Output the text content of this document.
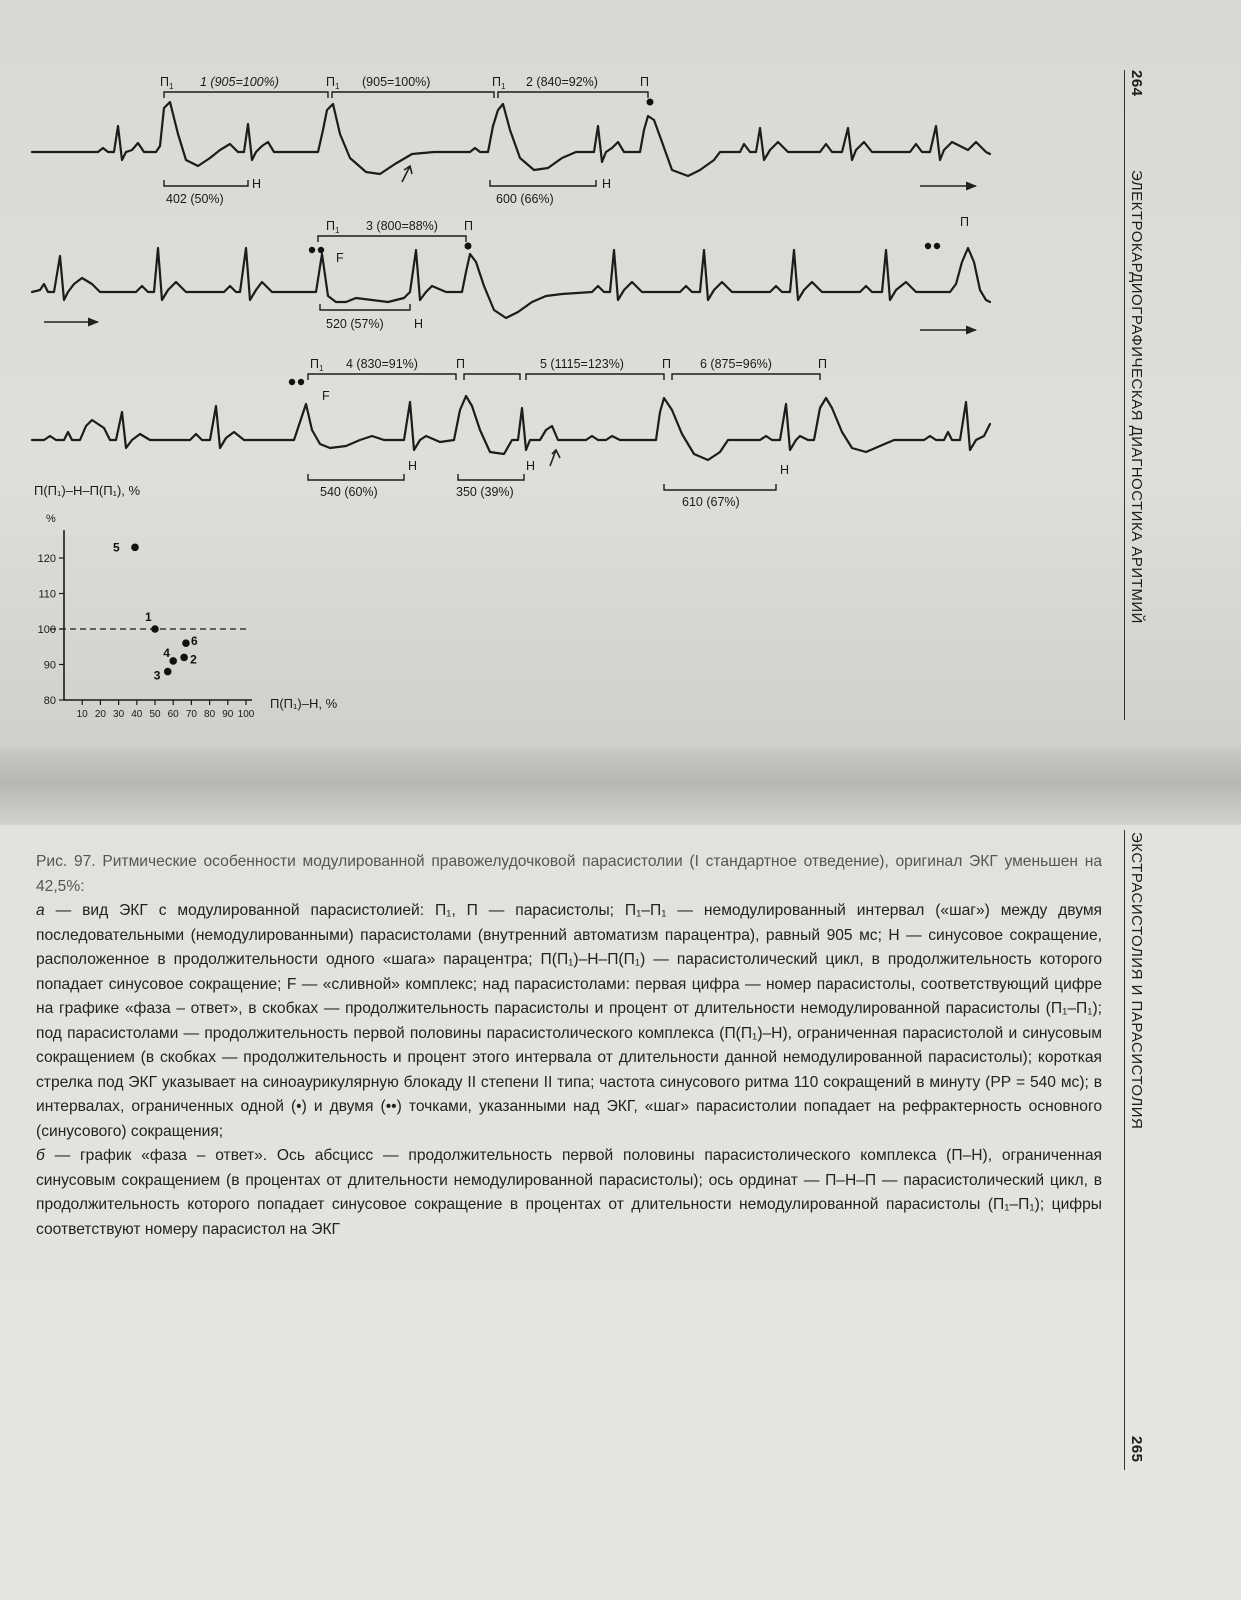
$П_1$ 1 (905=100%)	$П_1$ (905=100%)	$П_1$ 2 (840=92%)	П
402 (50%)
Н
600 (66%)
Н
$П_1$ 3 (800=88%) П
F
520 (57%) Н
П
$П_1$ 4 (830=91%)	П	5 (1115=123%)	П 6 (875=96%)	П
F
Н	Н	Н
540 (60%)	350 (39%)
610 (67%)
П(П₁)–Н–П(П₁), %
%
П(П₁)–Н, %
80
90
100
110
120
10 20 30 40 50 60 70 80 90 100
1
2
3
4
5
6
264
ЭЛЕКТРОКАРДИОГРАФИЧЕСКАЯ ДИАГНОСТИКА АРИТМИЙ
ЭКСТРАСИСТОЛИЯ И ПАРАСИСТОЛИЯ
265

Рис. 97. Ритмические особенности модулированной правожелудочковой парасистолии (I стандартное отведение), оригинал ЭКГ уменьшен на 42,5%:

а — вид ЭКГ с модулированной парасистолией: П₁, П — парасистолы; П₁–П₁ — немодулированный интервал («шаг») между двумя последовательными (немодулированными) парасистолами (внутренний автоматизм парацентра), равный 905 мс; Н — синусовое сокращение, расположенное в продолжительности одного «шага» парацентра; П(П₁)–Н–П(П₁) — парасистолический цикл, в продолжительность которого попадает синусовое сокращение; F — «сливной» комплекс; над парасистолами: первая цифра — номер парасистолы, соответствующий цифре на графике «фаза – ответ», в скобках — продолжительность парасистолы и процент от длительности немодулированной парасистолы (П₁–П₁); под парасистолами — продолжительность первой половины парасистолического комплекса (П(П₁)–Н), ограниченная парасистолой и синусовым сокращением (в скобках — продолжительность и процент этого интервала от длительности данной немодулированной парасистолы); короткая стрелка под ЭКГ указывает на синоаурикулярную блокаду II степени II типа; частота синусового ритма 110 сокращений в минуту (РР = 540 мс); в интервалах, ограниченных одной (•) и двумя (••) точками, указанными над ЭКГ, «шаг» парасистолии попадает на рефрактерность основного (синусового) сокращения;

б — график «фаза – ответ». Ось абсцисс — продолжительность первой половины парасистолического комплекса (П–Н), ограниченная синусовым сокращением (в процентах от длительности немодулированной парасистолы); ось ординат — П–Н–П — парасистолический цикл, в продолжительность которого попадает синусовое сокращение в процентах от длительности немодулированной парасистолы (П₁–П₁); цифры соответствуют номеру парасистол на ЭКГ
